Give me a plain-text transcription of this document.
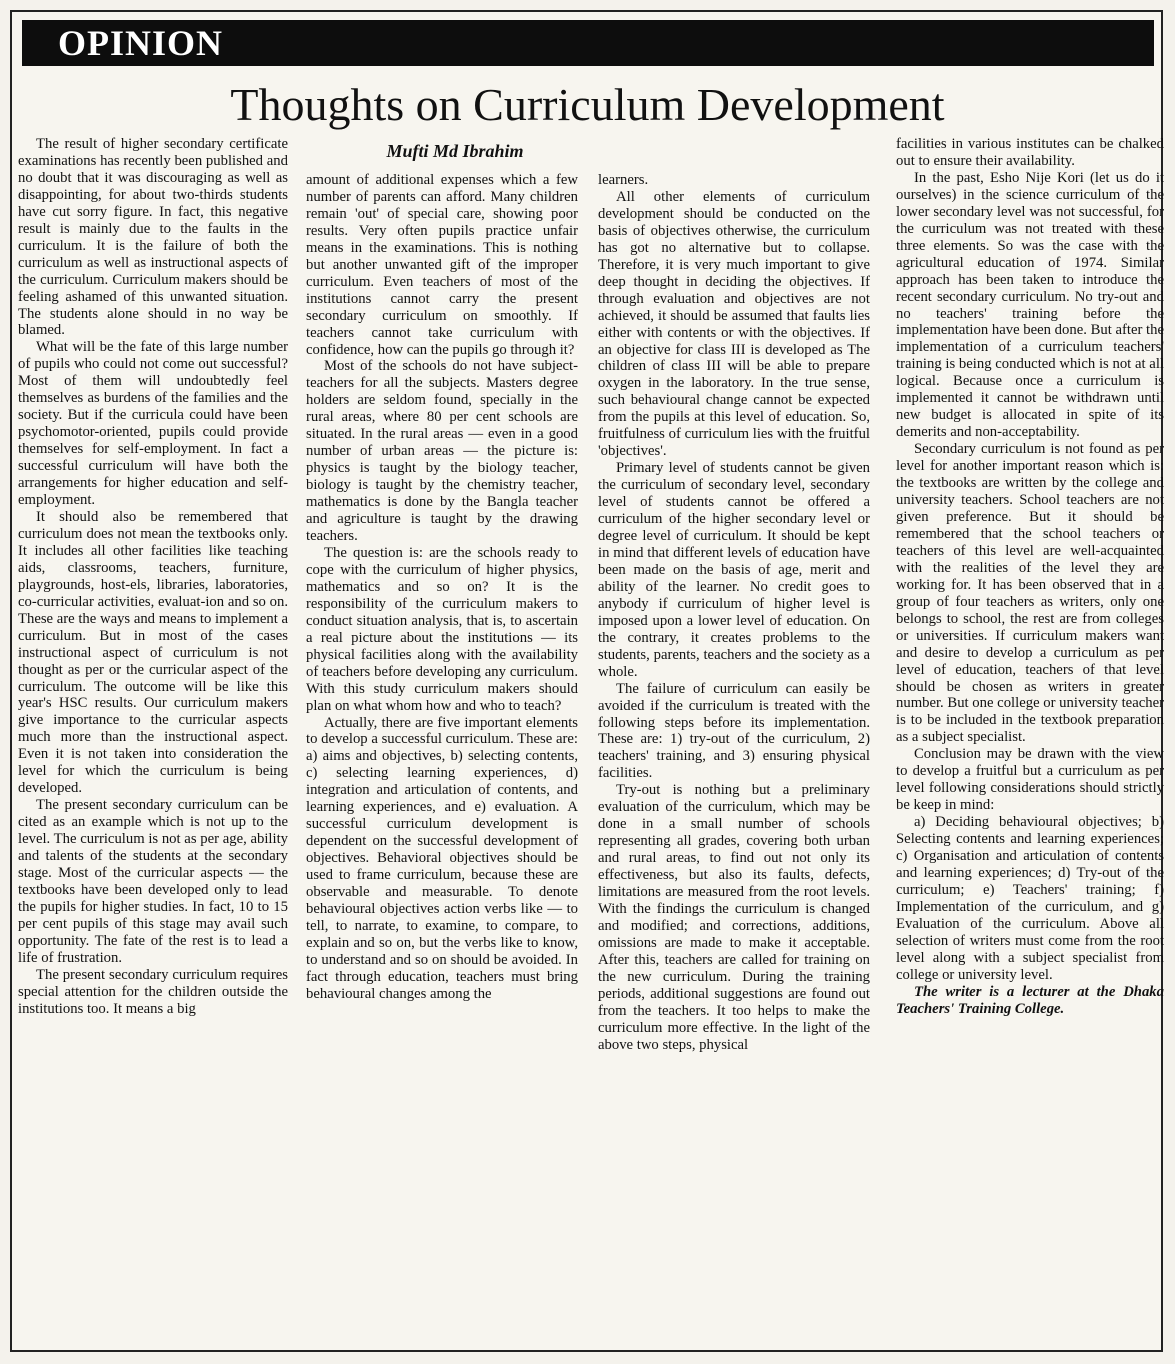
OPINION
Thoughts on Curriculum Development
Mufti Md Ibrahim

The result of higher secondary certificate examinations has recently been published and no doubt that it was discouraging as well as disappointing, for about two-thirds students have cut sorry figure. In fact, this negative result is mainly due to the faults in the curriculum. It is the failure of both the curriculum as well as instructional aspects of the curriculum. Curriculum makers should be feeling ashamed of this unwanted situation. The students alone should in no way be blamed.

What will be the fate of this large number of pupils who could not come out successful? Most of them will undoubtedly feel themselves as burdens of the families and the society. But if the curricula could have been psychomotor-oriented, pupils could provide themselves for self-employment. In fact a successful curriculum will have both the arrangements for higher education and self-employment.

It should also be remembered that curriculum does not mean the textbooks only. It includes all other facilities like teaching aids, classrooms, teachers, furniture, playgrounds, host-els, libraries, laboratories, co-curricular activities, evaluat-ion and so on. These are the ways and means to implement a curriculum. But in most of the cases instructional aspect of curriculum is not thought as per or the curricular aspect of the curriculum. The outcome will be like this year's HSC results. Our curriculum makers give importance to the curricular aspects much more than the instructional aspect. Even it is not taken into consideration the level for which the curriculum is being developed.

The present secondary curriculum can be cited as an example which is not up to the level. The curriculum is not as per age, ability and talents of the students at the secondary stage. Most of the curricular aspects — the textbooks have been developed only to lead the pupils for higher studies. In fact, 10 to 15 per cent pupils of this stage may avail such opportunity. The fate of the rest is to lead a life of frustration.

The present secondary curriculum requires special attention for the children outside the institutions too. It means a big

amount of additional expenses which a few number of parents can afford. Many children remain 'out' of special care, showing poor results. Very often pupils practice unfair means in the examinations. This is nothing but another unwanted gift of the improper curriculum. Even teachers of most of the institutions cannot carry the present secondary curriculum on smoothly. If teachers cannot take curriculum with confidence, how can the pupils go through it?

Most of the schools do not have subject-teachers for all the subjects. Masters degree holders are seldom found, specially in the rural areas, where 80 per cent schools are situated. In the rural areas — even in a good number of urban areas — the picture is: physics is taught by the biology teacher, biology is taught by the chemistry teacher, mathematics is done by the Bangla teacher and agriculture is taught by the drawing teachers.

The question is: are the schools ready to cope with the curriculum of higher physics, mathematics and so on? It is the responsibility of the curriculum makers to conduct situation analysis, that is, to ascertain a real picture about the institutions — its physical facilities along with the availability of teachers before developing any curriculum. With this study curriculum makers should plan on what whom how and who to teach?

Actually, there are five important elements to develop a successful curriculum. These are: a) aims and objectives, b) selecting contents, c) selecting learning experiences, d) integration and articulation of contents, and learning experiences, and e) evaluation. A successful curriculum development is dependent on the successful development of objectives. Behavioral objectives should be used to frame curriculum, because these are observable and measurable. To denote behavioural objectives action verbs like — to tell, to narrate, to examine, to compare, to explain and so on, but the verbs like to know, to understand and so on should be avoided. In fact through education, teachers must bring behavioural changes among the

learners.

All other elements of curriculum development should be conducted on the basis of objectives otherwise, the curriculum has got no alternative but to collapse. Therefore, it is very much important to give deep thought in deciding the objectives. If through evaluation and objectives are not achieved, it should be assumed that faults lies either with contents or with the objectives. If an objective for class III is developed as The children of class III will be able to prepare oxygen in the laboratory. In the true sense, such behavioural change cannot be expected from the pupils at this level of education. So, fruitfulness of curriculum lies with the fruitful 'objectives'.

Primary level of students cannot be given the curriculum of secondary level, secondary level of students cannot be offered a curriculum of the higher secondary level or degree level of curriculum. It should be kept in mind that different levels of education have been made on the basis of age, merit and ability of the learner. No credit goes to anybody if curriculum of higher level is imposed upon a lower level of education. On the contrary, it creates problems to the students, parents, teachers and the society as a whole.

The failure of curriculum can easily be avoided if the curriculum is treated with the following steps before its implementation. These are: 1) try-out of the curriculum, 2) teachers' training, and 3) ensuring physical facilities.

Try-out is nothing but a preliminary evaluation of the curriculum, which may be done in a small number of schools representing all grades, covering both urban and rural areas, to find out not only its effectiveness, but also its faults, defects, limitations are measured from the root levels. With the findings the curriculum is changed and modified; and corrections, additions, omissions are made to make it acceptable. After this, teachers are called for training on the new curriculum. During the training periods, additional suggestions are found out from the teachers. It too helps to make the curriculum more effective. In the light of the above two steps, physical

facilities in various institutes can be chalked out to ensure their availability.

In the past, Esho Nije Kori (let us do it ourselves) in the science curriculum of the lower secondary level was not successful, for the curriculum was not treated with these three elements. So was the case with the agricultural education of 1974. Similar approach has been taken to introduce the recent secondary curriculum. No try-out and no teachers' training before the implementation have been done. But after the implementation of a curriculum teachers' training is being conducted which is not at all logical. Because once a curriculum is implemented it cannot be withdrawn until new budget is allocated in spite of its demerits and non-acceptability.

Secondary curriculum is not found as per level for another important reason which is: the textbooks are written by the college and university teachers. School teachers are not given preference. But it should be remembered that the school teachers or teachers of this level are well-acquainted with the realities of the level they are working for. It has been observed that in a group of four teachers as writers, only one belongs to school, the rest are from colleges or universities. If curriculum makers want and desire to develop a curriculum as per level of education, teachers of that level should be chosen as writers in greater number. But one college or university teacher is to be included in the textbook preparation as a subject specialist.

Conclusion may be drawn with the view to develop a fruitful but a curriculum as per level following considerations should strictly be keep in mind:

a) Deciding behavioural objectives; b) Selecting contents and learning experiences; c) Organisation and articulation of contents and learning experiences; d) Try-out of the curriculum; e) Teachers' training; f) Implementation of the curriculum, and g) Evaluation of the curriculum. Above all selection of writers must come from the root level along with a subject specialist from college or university level.

The writer is a lecturer at the Dhaka Teachers' Training College.
